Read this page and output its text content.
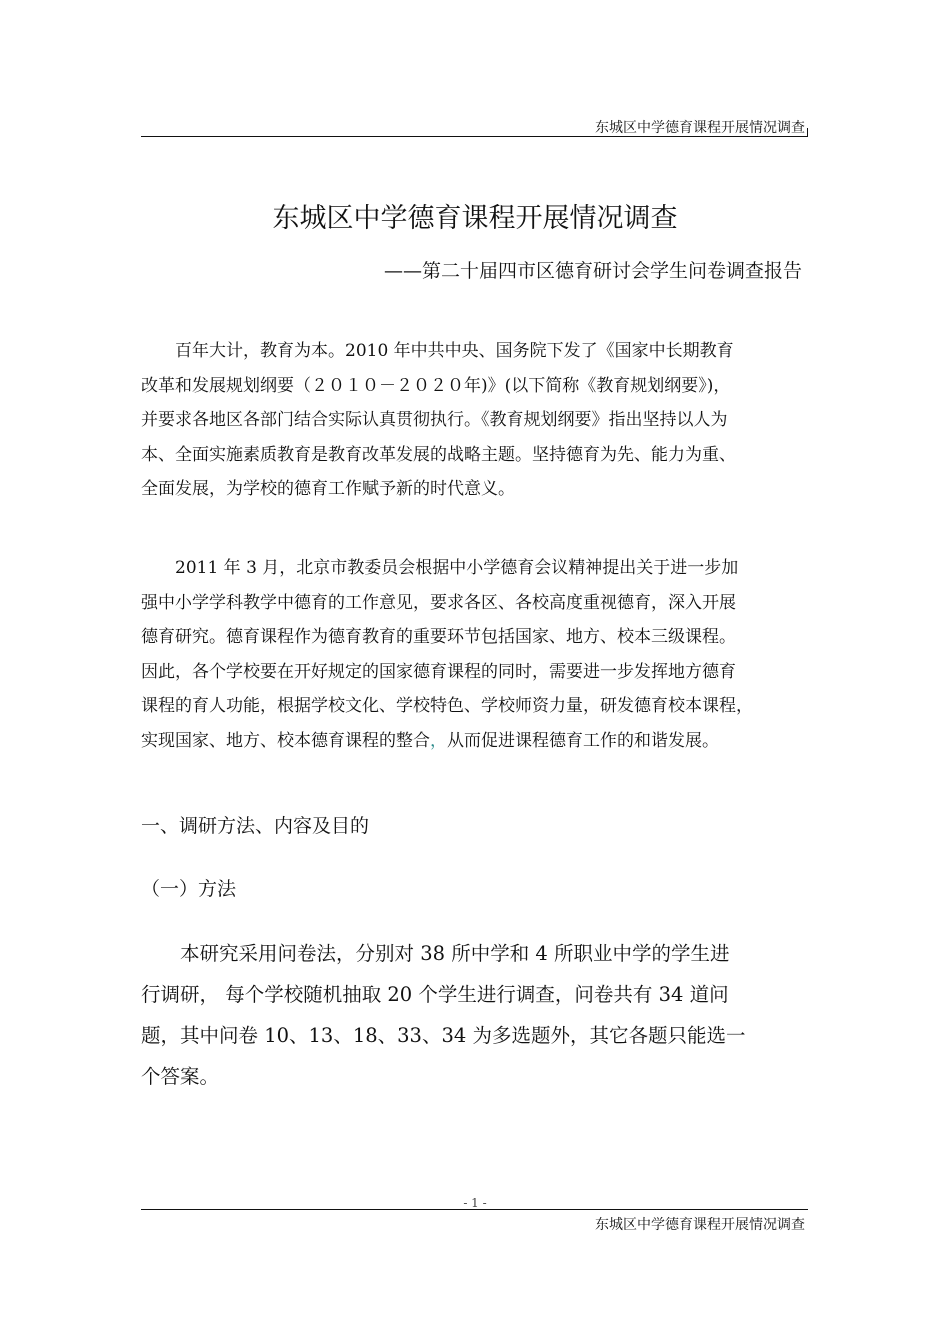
东城区中学德育课程开展情况调查
东城区中学德育课程开展情况调查
——第二十届四市区德育研讨会学生问卷调查报告

百年大计，教育为本。2010 年中共中央、国务院下发了《国家中长期教育
改革和发展规划纲要（２０１０－２０２０年)》(以下简称《教育规划纲要》)，
并要求各地区各部门结合实际认真贯彻执行。《教育规划纲要》指出坚持以人为
本、全面实施素质教育是教育改革发展的战略主题。坚持德育为先、能力为重、
全面发展，为学校的德育工作赋予新的时代意义。

2011 年 3 月，北京市教委员会根据中小学德育会议精神提出关于进一步加
强中小学学科教学中德育的工作意见，要求各区、各校高度重视德育，深入开展
德育研究。德育课程作为德育教育的重要环节包括国家、地方、校本三级课程。
因此，各个学校要在开好规定的国家德育课程的同时，需要进一步发挥地方德育
课程的育人功能，根据学校文化、学校特色、学校师资力量，研发德育校本课程，
实现国家、地方、校本德育课程的整合，从而促进课程德育工作的和谐发展。

一、调研方法、内容及目的
（一）方法

本研究采用问卷法，分别对 38 所中学和 4 所职业中学的学生进
行调研， 每个学校随机抽取 20 个学生进行调查，问卷共有 34 道问
题，其中问卷 10、13、18、33、34 为多选题外，其它各题只能选一
个答案。

- 1 -
东城区中学德育课程开展情况调查
